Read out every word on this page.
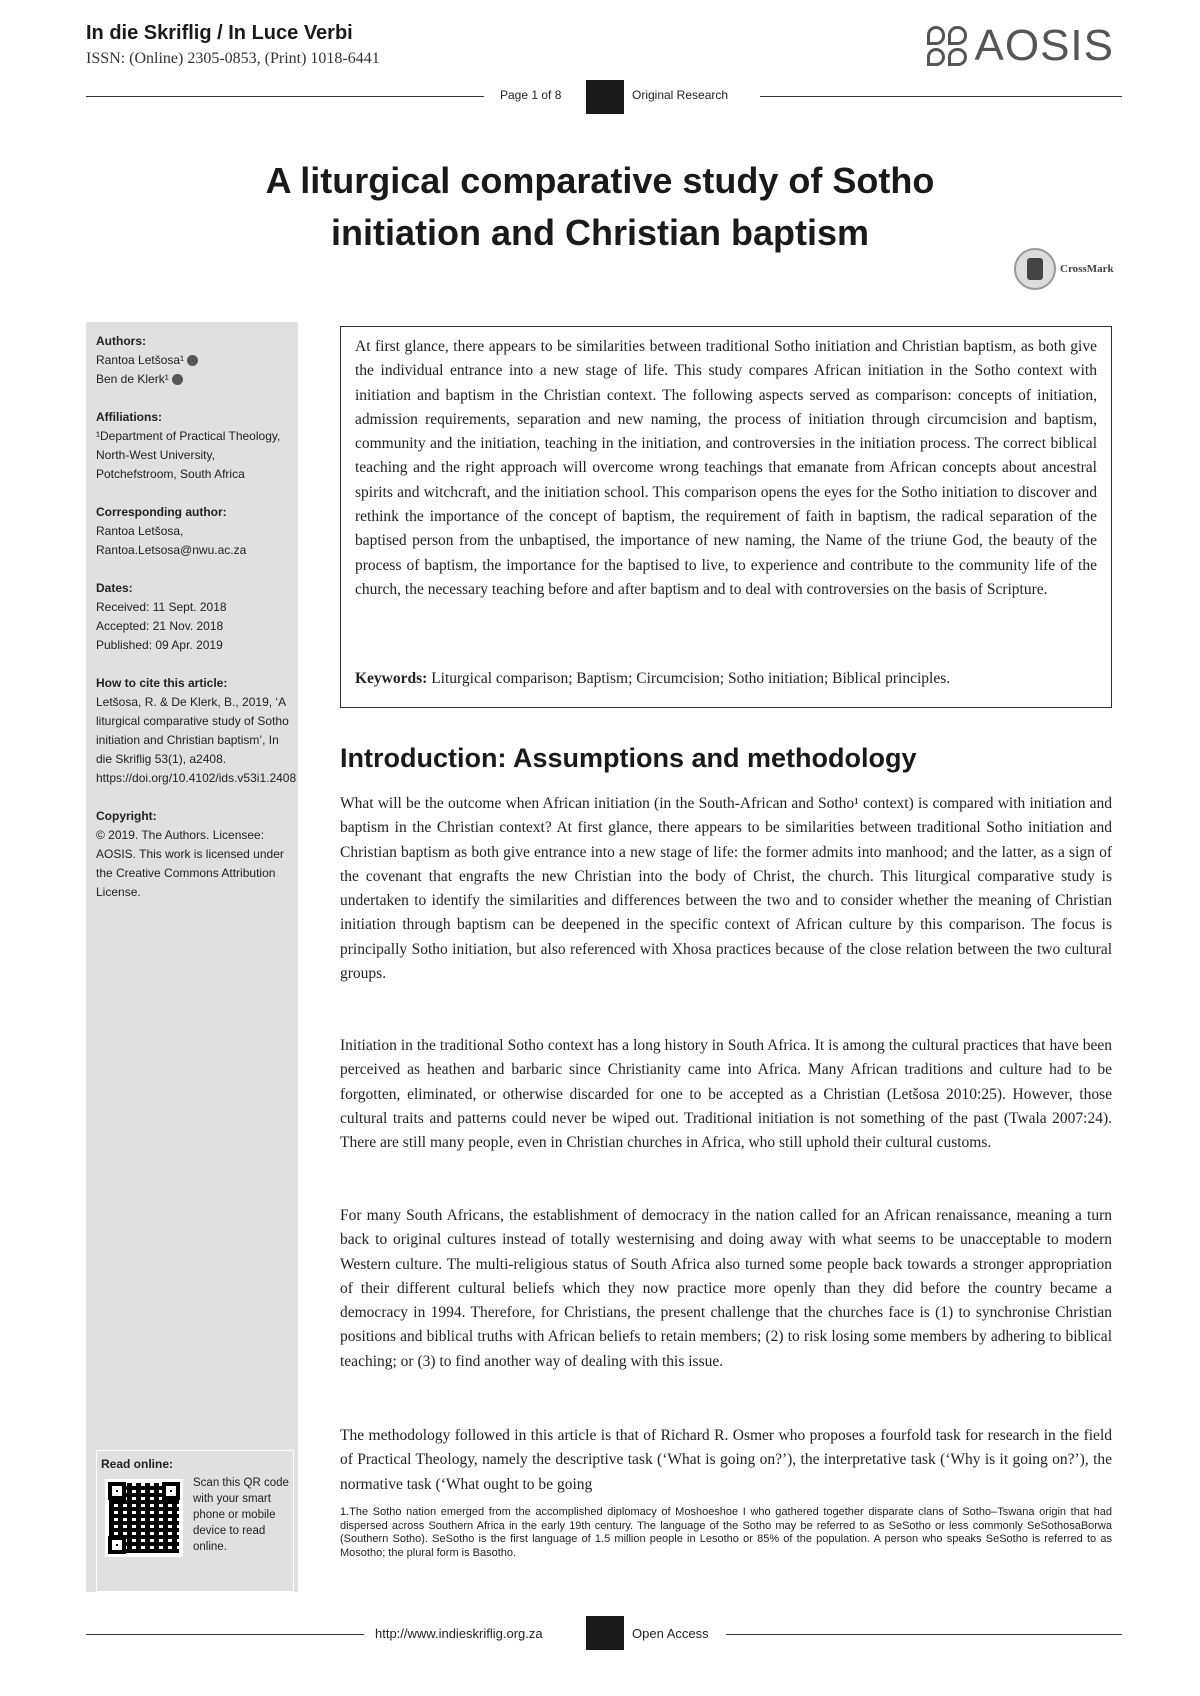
In die Skriflig / In Luce Verbi
ISSN: (Online) 2305-0853, (Print) 1018-6441	AOSIS
Page 1 of 8	Original Research
A liturgical comparative study of Sotho
initiation and Christian baptism
CrossMark
Authors:
Rantoa Letšosa¹
Ben de Klerk¹
Affiliations:
¹Department of Practical Theology, North-West University, Potchefstroom, South Africa
Corresponding author:
Rantoa Letšosa,
Rantoa.Letsosa@nwu.ac.za
Dates:
Received: 11 Sept. 2018
Accepted: 21 Nov. 2018
Published: 09 Apr. 2019
How to cite this article:
Letšosa, R. & De Klerk, B., 2019, ‘A liturgical comparative study of Sotho initiation and Christian baptism’, In die Skriflig 53(1), a2408. https://doi.org/10.4102/ids.v53i1.2408
Copyright:
© 2019. The Authors. Licensee: AOSIS. This work is licensed under the Creative Commons Attribution License.
Read online:
Scan this QR code with your smart phone or mobile device to read online.
At first glance, there appears to be similarities between traditional Sotho initiation and Christian baptism, as both give the individual entrance into a new stage of life. This study compares African initiation in the Sotho context with initiation and baptism in the Christian context. The following aspects served as comparison: concepts of initiation, admission requirements, separation and new naming, the process of initiation through circumcision and baptism, community and the initiation, teaching in the initiation, and controversies in the initiation process. The correct biblical teaching and the right approach will overcome wrong teachings that emanate from African concepts about ancestral spirits and witchcraft, and the initiation school. This comparison opens the eyes for the Sotho initiation to discover and rethink the importance of the concept of baptism, the requirement of faith in baptism, the radical separation of the baptised person from the unbaptised, the importance of new naming, the Name of the triune God, the beauty of the process of baptism, the importance for the baptised to live, to experience and contribute to the community life of the church, the necessary teaching before and after baptism and to deal with controversies on the basis of Scripture.
Keywords: Liturgical comparison; Baptism; Circumcision; Sotho initiation; Biblical principles.
Introduction: Assumptions and methodology
What will be the outcome when African initiation (in the South-African and Sotho¹ context) is compared with initiation and baptism in the Christian context? At first glance, there appears to be similarities between traditional Sotho initiation and Christian baptism as both give entrance into a new stage of life: the former admits into manhood; and the latter, as a sign of the covenant that engrafts the new Christian into the body of Christ, the church. This liturgical comparative study is undertaken to identify the similarities and differences between the two and to consider whether the meaning of Christian initiation through baptism can be deepened in the specific context of African culture by this comparison. The focus is principally Sotho initiation, but also referenced with Xhosa practices because of the close relation between the two cultural groups.
Initiation in the traditional Sotho context has a long history in South Africa. It is among the cultural practices that have been perceived as heathen and barbaric since Christianity came into Africa. Many African traditions and culture had to be forgotten, eliminated, or otherwise discarded for one to be accepted as a Christian (Letšosa 2010:25). However, those cultural traits and patterns could never be wiped out. Traditional initiation is not something of the past (Twala 2007:24). There are still many people, even in Christian churches in Africa, who still uphold their cultural customs.
For many South Africans, the establishment of democracy in the nation called for an African renaissance, meaning a turn back to original cultures instead of totally westernising and doing away with what seems to be unacceptable to modern Western culture. The multi-religious status of South Africa also turned some people back towards a stronger appropriation of their different cultural beliefs which they now practice more openly than they did before the country became a democracy in 1994. Therefore, for Christians, the present challenge that the churches face is (1) to synchronise Christian positions and biblical truths with African beliefs to retain members; (2) to risk losing some members by adhering to biblical teaching; or (3) to find another way of dealing with this issue.
The methodology followed in this article is that of Richard R. Osmer who proposes a fourfold task for research in the field of Practical Theology, namely the descriptive task (‘What is going on?’), the interpretative task (‘Why is it going on?’), the normative task (‘What ought to be going
1.The Sotho nation emerged from the accomplished diplomacy of Moshoeshoe I who gathered together disparate clans of Sotho–Tswana origin that had dispersed across Southern Africa in the early 19th century. The language of the Sotho may be referred to as SeSotho or less commonly SeSothosaBorwa (Southern Sotho). SeSotho is the first language of 1.5 million people in Lesotho or 85% of the population. A person who speaks SeSotho is referred to as Mosotho; the plural form is Basotho.
http://www.indieskriflig.org.za	Open Access
